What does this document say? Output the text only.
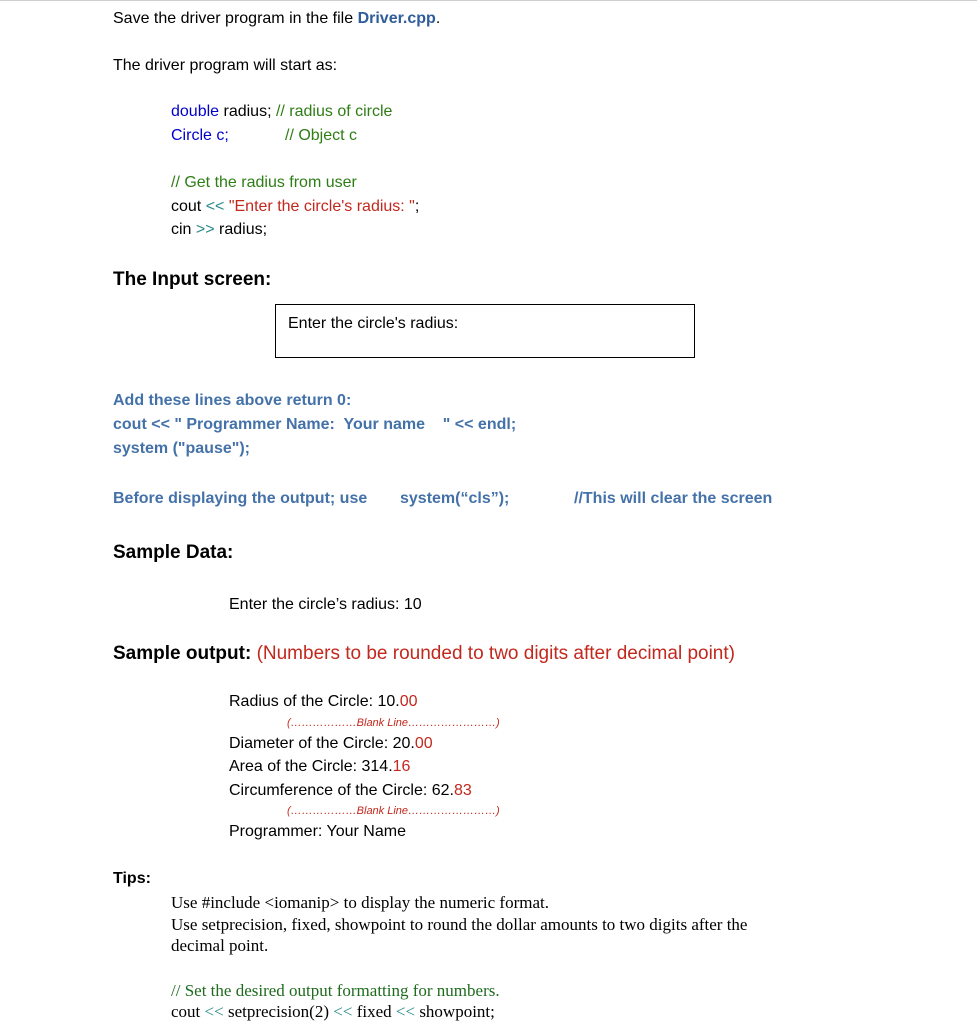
Save the driver program in the file Driver.cpp.
The driver program will start as:
double radius; // radius of circle
Circle c;	// Object c
// Get the radius from user
cout << "Enter the circle's radius: ";
cin >> radius;
The Input screen:
Enter the circle's radius:
Add these lines above return 0:
cout << " Programmer Name:  Your name    " << endl;
system ("pause");
Before displaying the output; use system(“cls”);	//This will clear the screen
Sample Data:
Enter the circle’s radius: 10
Sample output: (Numbers to be rounded to two digits after decimal point)
Radius of the Circle: 10.00
(………………Blank Line……………………)
Diameter of the Circle: 20.00
Area of the Circle: 314.16
Circumference of the Circle: 62.83
(………………Blank Line……………………)
Programmer: Your Name
Tips:
Use #include <iomanip> to display the numeric format.
Use setprecision, fixed, showpoint to round the dollar amounts to two digits after the
decimal point.
// Set the desired output formatting for numbers.
cout << setprecision(2) << fixed << showpoint;
